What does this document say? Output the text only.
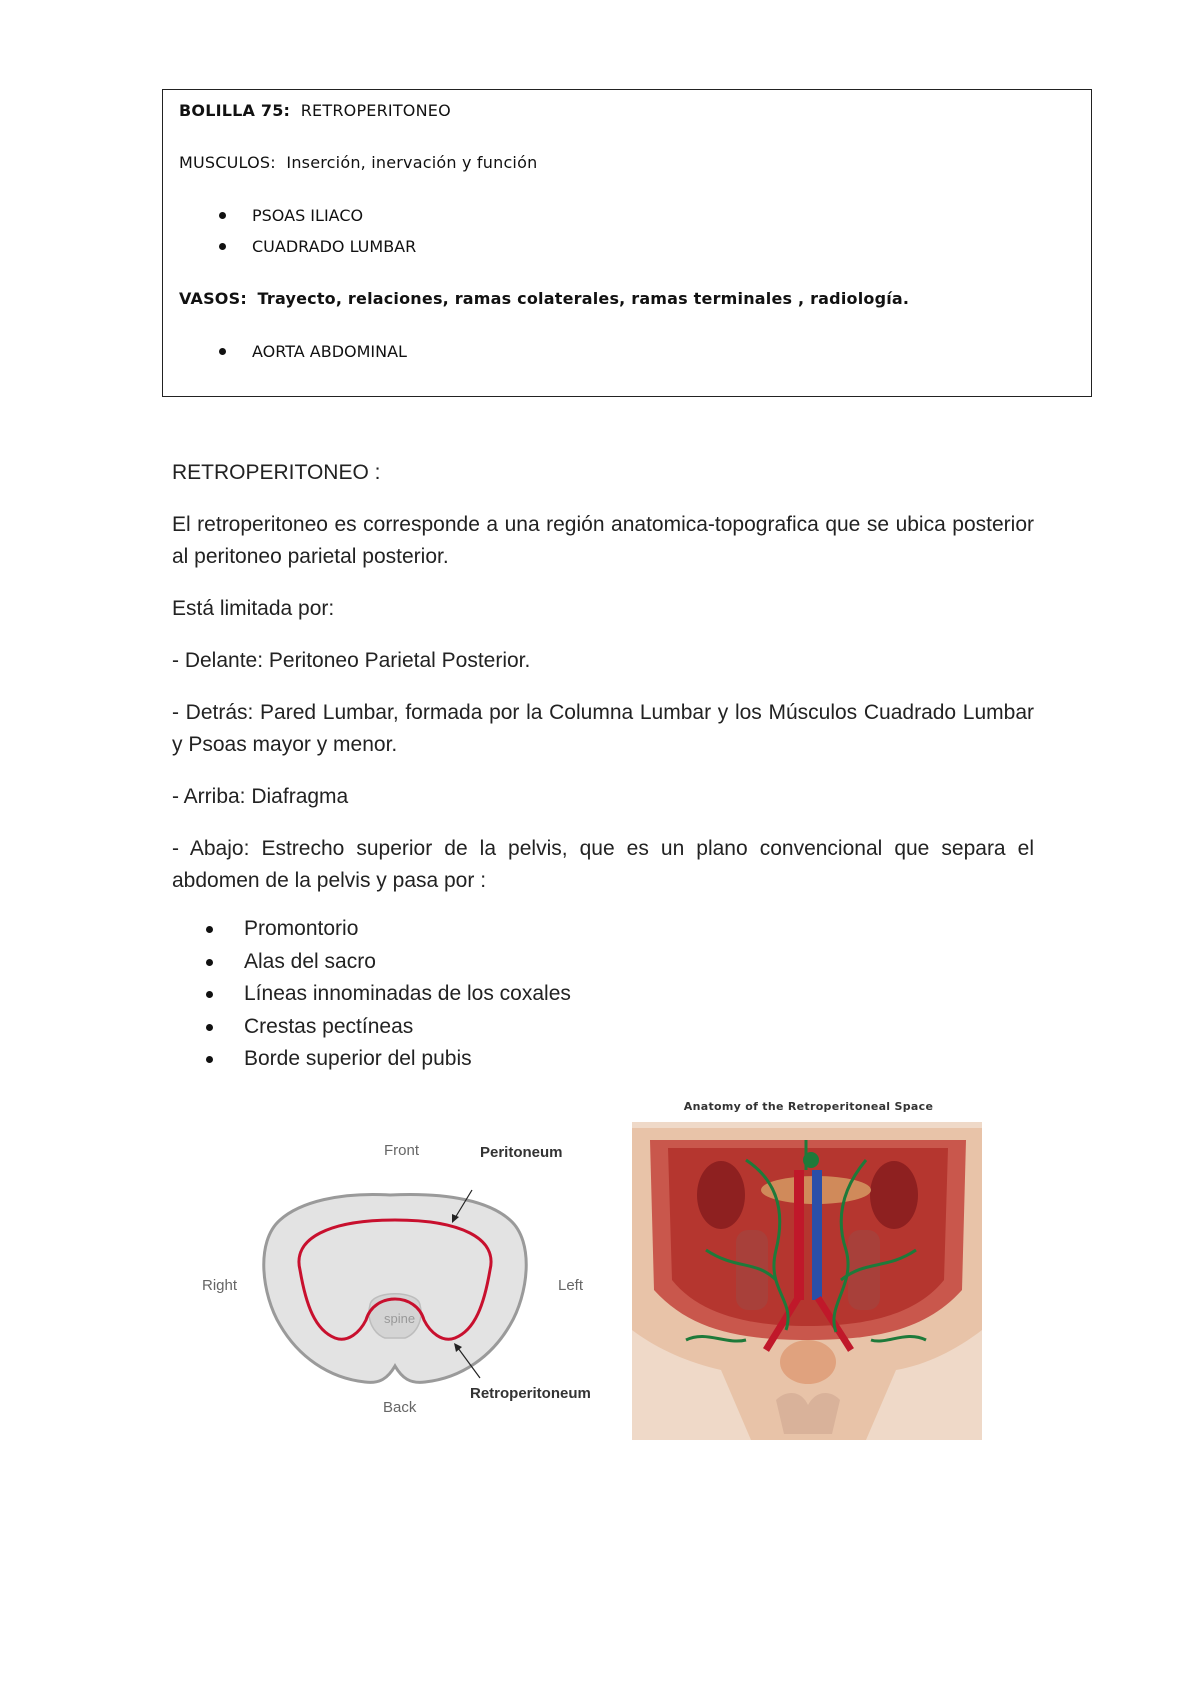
BOLILLA 75: RETROPERITONEO

MUSCULOS: Inserción, inervación y función

PSOAS ILIACO
CUADRADO LUMBAR

VASOS: Trayecto, relaciones, ramas colaterales, ramas terminales , radiología.

AORTA ABDOMINAL

RETROPERITONEO :

El retroperitoneo es corresponde a una región anatomica-topografica que se ubica posterior al peritoneo parietal posterior.

Está limitada por:

- Delante: Peritoneo Parietal Posterior.

- Detrás: Pared Lumbar, formada por la Columna Lumbar y los Músculos Cuadrado Lumbar y Psoas mayor y menor.

- Arriba: Diafragma

- Abajo: Estrecho superior de la pelvis, que es un plano convencional que separa el abdomen de la pelvis y pasa por :

Promontorio
Alas del sacro
Líneas innominadas de los coxales
Crestas pectíneas
Borde superior del pubis
Front	Peritoneum
Right	Left
spine
Retroperitoneum
Back
Anatomy of the Retroperitoneal Space
